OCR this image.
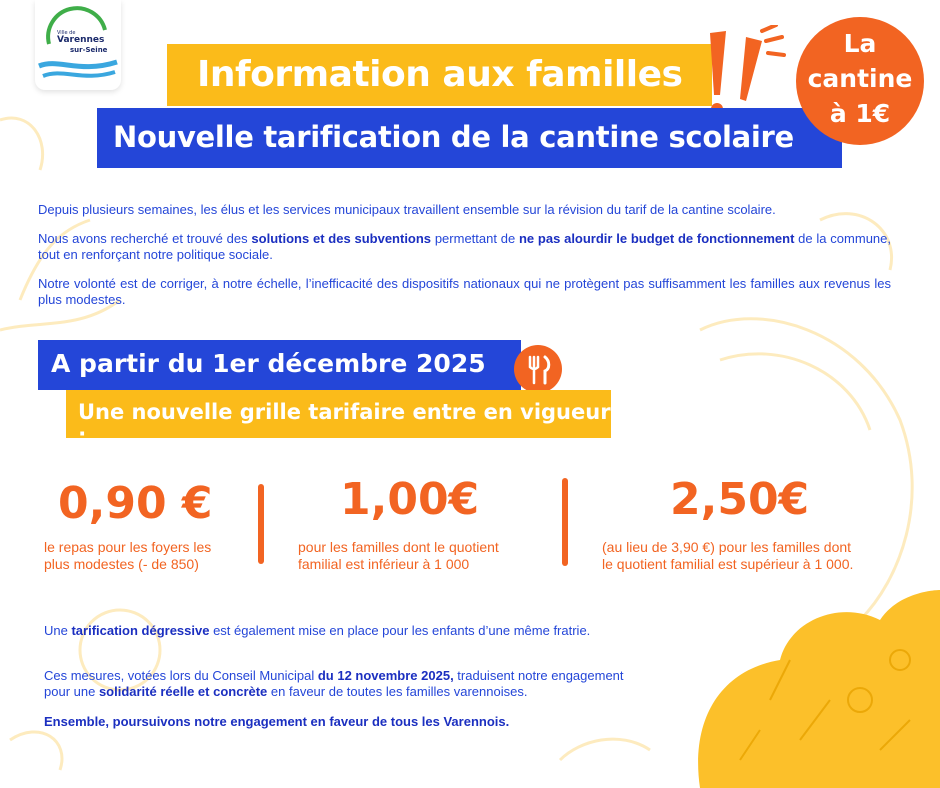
Ville de
Varennes
sur-Seine
Information aux familles
Nouvelle tarification de la cantine scolaire
La
cantine
à 1€
Depuis plusieurs semaines, les élus et les services municipaux travaillent ensemble sur la révision du tarif de la cantine scolaire.
Nous avons recherché et trouvé des solutions et des subventions permettant de ne pas alourdir le budget de fonctionnement de la commune, tout en renforçant notre politique sociale.
Notre volonté est de corriger, à notre échelle, l’inefficacité des dispositifs nationaux qui ne protègent pas suffisamment les familles aux revenus les plus modestes.
A partir du 1er décembre 2025
Une nouvelle grille tarifaire entre en vigueur :
0,90 €
le repas pour les foyers les
plus modestes (- de 850)
1,00€
pour les familles dont le quotient
familial est inférieur à 1 000
2,50€
(au lieu de 3,90 €) pour les familles dont
le quotient familial est supérieur à 1 000.
Une tarification dégressive est également mise en place pour les enfants d’une même fratrie.
Ces mesures, votées lors du Conseil Municipal du 12 novembre 2025, traduisent notre engagement
pour une solidarité réelle et concrète en faveur de toutes les familles varennoises.
Ensemble, poursuivons notre engagement en faveur de tous les Varennois.
